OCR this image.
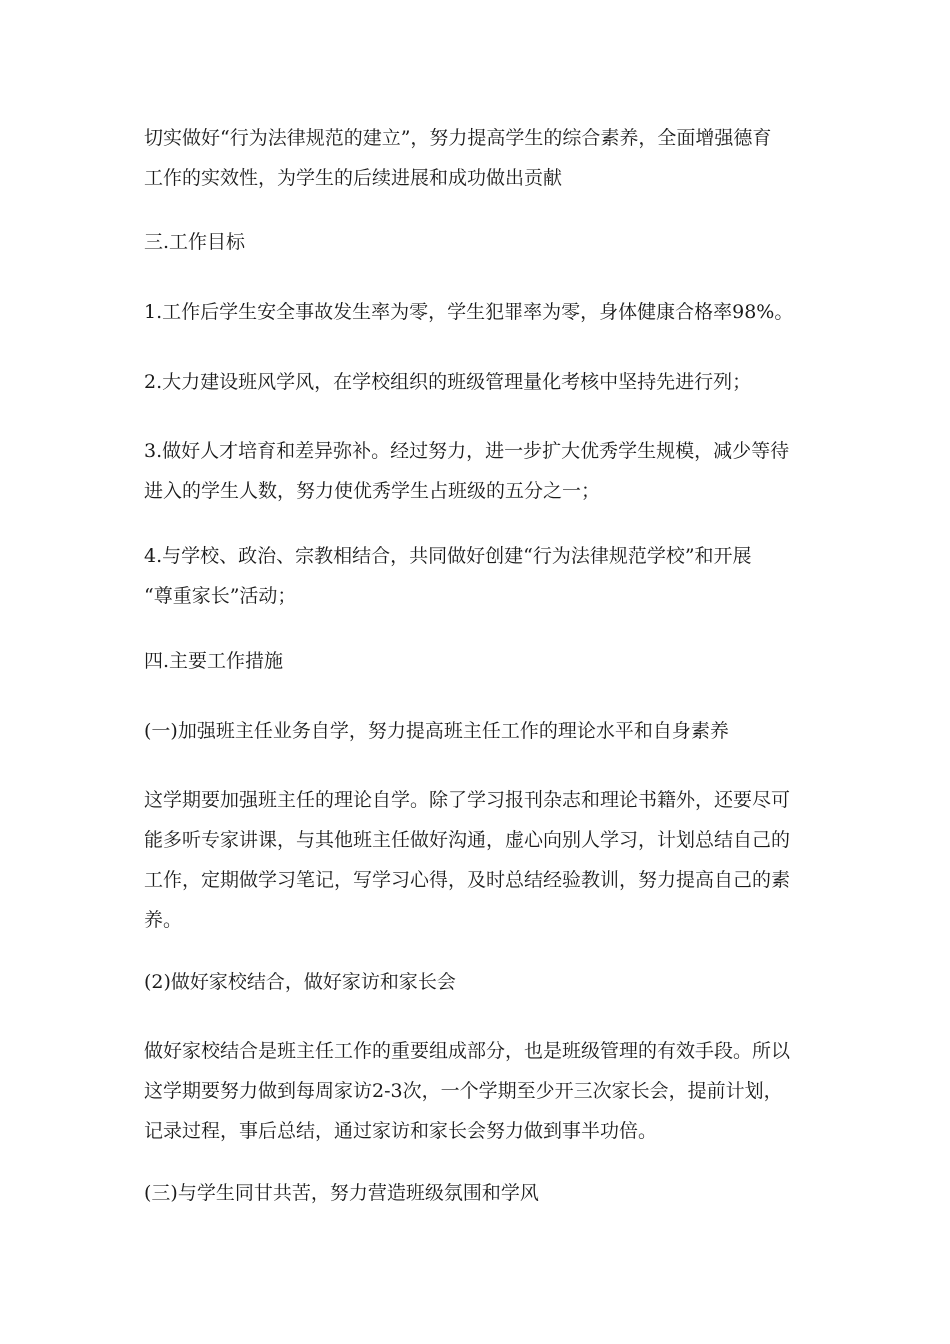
切实做好“行为法律规范的建立”，努力提高学生的综合素养，全面增强德育
工作的实效性，为学生的后续进展和成功做出贡献
三.工作目标
1.工作后学生安全事故发生率为零，学生犯罪率为零，身体健康合格率98%。
2.大力建设班风学风，在学校组织的班级管理量化考核中坚持先进行列；
3.做好人才培育和差异弥补。经过努力，进一步扩大优秀学生规模，减少等待
进入的学生人数，努力使优秀学生占班级的五分之一；
4.与学校、政治、宗教相结合，共同做好创建“行为法律规范学校”和开展
“尊重家长”活动；
四.主要工作措施
(一)加强班主任业务自学，努力提高班主任工作的理论水平和自身素养
这学期要加强班主任的理论自学。除了学习报刊杂志和理论书籍外，还要尽可
能多听专家讲课，与其他班主任做好沟通，虚心向别人学习，计划总结自己的
工作，定期做学习笔记，写学习心得，及时总结经验教训，努力提高自己的素
养。
(2)做好家校结合，做好家访和家长会
做好家校结合是班主任工作的重要组成部分，也是班级管理的有效手段。所以
这学期要努力做到每周家访2-3次，一个学期至少开三次家长会，提前计划，
记录过程，事后总结，通过家访和家长会努力做到事半功倍。
(三)与学生同甘共苦，努力营造班级氛围和学风
